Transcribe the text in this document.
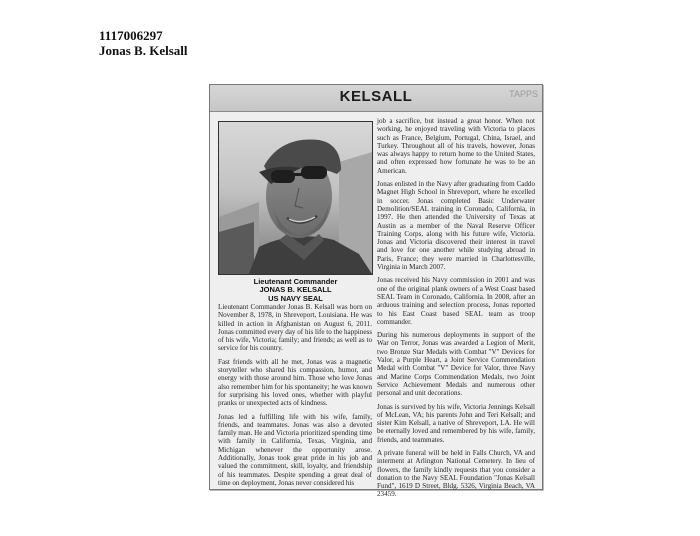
1117006297
Jonas B. Kelsall
KELSALL	TAPPS
Lieutenant Commander
JONAS B. KELSALL
US NAVY SEAL

Lieutenant Commander Jonas B. Kelsall was born on November 8, 1978, in Shreveport, Louisiana. He was killed in action in Afghanistan on August 6, 2011. Jonas committed every day of his life to the happiness of his wife, Victoria; family; and friends; as well as to service for his country.

Fast friends with all he met, Jonas was a magnetic storyteller who shared his compassion, humor, and energy with those around him. Those who love Jonas also remember him for his spontaneity; he was known for surprising his loved ones, whether with playful pranks or unexpected acts of kindness.

Jonas led a fulfilling life with his wife, family, friends, and teammates. Jonas was also a devoted family man. He and Victoria prioritized spending time with family in California, Texas, Virginia, and Michigan whenever the opportunity arose. Additionally, Jonas took great pride in his job and valued the commitment, skill, loyalty, and friendship of his teammates. Despite spending a great deal of time on deployment, Jonas never considered his

job a sacrifice, but instead a great honor. When not working, he enjoyed traveling with Victoria to places such as France, Belgium, Portugal, China, Israel, and Turkey. Throughout all of his travels, however, Jonas was always happy to return home to the United States, and often expressed how fortunate he was to be an American.

Jonas enlisted in the Navy after graduating from Caddo Magnet High School in Shreveport, where he excelled in soccer. Jonas completed Basic Underwater Demolition/SEAL training in Coronado, California, in 1997. He then attended the University of Texas at Austin as a member of the Naval Reserve Officer Training Corps, along with his future wife, Victoria. Jonas and Victoria discovered their interest in travel and love for one another while studying abroad in Paris, France; they were married in Charlottesville, Virginia in March 2007.

Jonas received his Navy commission in 2001 and was one of the original plank owners of a West Coast based SEAL Team in Coronado, California. In 2008, after an arduous training and selection process, Jonas reported to his East Coast based SEAL team as troop commander.

During his numerous deployments in support of the War on Terror, Jonas was awarded a Legion of Merit, two Bronze Star Medals with Combat "V" Devices for Valor, a Purple Heart, a Joint Service Commendation Medal with Combat "V" Device for Valor, three Navy and Marine Corps Commendation Medals, two Joint Service Achievement Medals and numerous other personal and unit decorations.

Jonas is survived by his wife, Victoria Jennings Kelsall of McLean, VA; his parents John and Teri Kelsall; and sister Kim Kelsall, a native of Shreveport, LA. He will be eternally loved and remembered by his wife, family, friends, and teammates.

A private funeral will be held in Falls Church, VA and interment at Arlington National Cemetery. In lieu of flowers, the family kindly requests that you consider a donation to the Navy SEAL Foundation "Jonas Kelsall Fund", 1619 D Street, Bldg. 5326, Virginia Beach, VA 23459.
